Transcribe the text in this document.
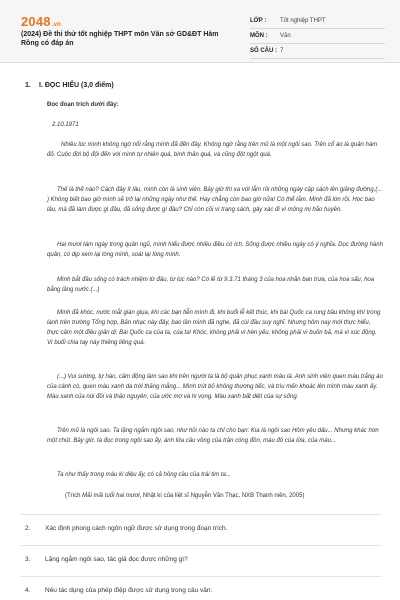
2048.vn
(2024) Đề thi thử tốt nghiệp THPT môn Văn sở GD&ĐT Hàm Rồng có đáp án
LỚP :	Tốt nghiệp THPT
MÔN :	Văn
SỐ CÂU : 7
1. I. ĐỌC HIỂU (3,0 điểm)
Đọc đoạn trích dưới đây:
2.10.1971
Nhiều lúc mình không ngờ nổi rằng mình đã đến đây. Không ngờ rằng trên mũ là một ngôi sao. Trên cổ áo là quân hàm đỏ. Cuộc đời bộ đội đến với mình tự nhiên quá, bình thản quá, và cũng đột ngột quá.
Thế là thế nào? Cách đây ít lâu, mình còn là sinh viên. Bây giờ thì xa với lắm rồi những ngày cặp sách lên giảng đường,(... ) Không biết bao giờ mình sẽ trở lại những ngày như thế. Hay chẳng còn bao giờ nữa! Có thể lắm. Mình đã lớn rồi. Học bao lâu, mà đã làm được gì đâu, đã sống được gì đâu? Chỉ còn cõi vì trang sách, gây xác đi vì mộng mị hão huyền.
Hai mươi tám ngày trong quân ngũ, mình hiểu được nhiều điều có ích. Sống được nhiều ngày có ý nghĩa. Dọc đường hành quân, có dịp xem lại lòng mình, soát lại lòng mình.
Mình bắt đầu sống có trách nhiệm từ đâu, từ lúc nào? Có lẽ từ 9.3.71 tháng 3 của hoa nhãn ban trưa, của hoa sấu, hoa bằng lăng nước.(...)
Mình đã khóc, nước mắt giàn giụa, khi các bạn tiễn mình đi, khi buổi lễ kết thúc, khi bài Quốc ca rung bầu không khí trong lành trên trường Tổng hợp. Bản nhạc này đây, bao lần mình đã nghe, đã cùi đầu suy nghĩ. Nhưng hôm nay mới thực hiểu, thực cảm một điều giản dị: Bài Quốc ca của ta, của ta! Khóc, không phải vì hèn yếu, không phải vì buồn bã, mà vì xúc động. Vì buổi chia tay này thiêng liêng quá.
(...) Vui sướng, tự hào, cảm động làm sao khi trên người ta là bộ quân phục xanh màu lá. Anh sinh viên quen màu trắng áo của cánh cò, quen màu xanh da trời thăng mẫng... Mình trút bỏ không thương tiếc, và trìu mến khoác lên mình màu xanh ấy. Màu xanh của núi đồi và thảo nguyên, của ước mơ và hi vọng. Màu xanh bất diệt của sự sống.
Trên mũ là ngôi sao. Ta lặng ngắm ngôi sao, như hồi nào ta chỉ cho bạn: Kia là ngôi sao Hôm yêu dấu... Nhưng khác hơn một chút. Bây giờ, ta đọc trong ngôi sao ấy, ánh lửa cầu vồng của trận công đồn, màu đỏ của lửa, của máu...
Ta như thấy trong màu kì diệu ấy, có cả hồng cầu của trái tim ta...
(Trích Mãi mãi tuổi hai mươi, Nhật kí của liệt sĩ Nguyễn Văn Thạc, NXB Thanh niên, 2005)
2. Xác định phong cách ngôn ngữ được sử dụng trong đoạn trích.
3. Lặng ngắm ngôi sao, tác giả đọc được những gì?
4. Nêu tác dụng của phép điệp được sử dụng trong câu văn:
